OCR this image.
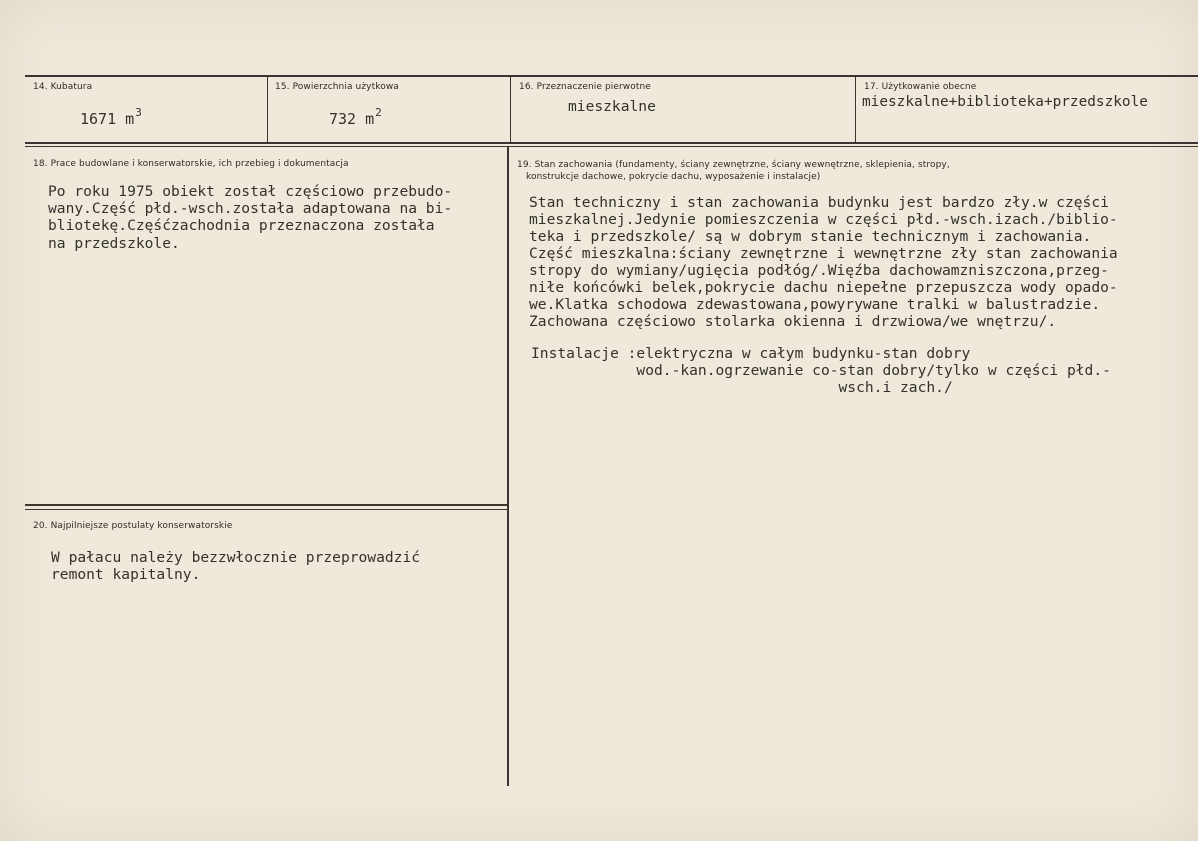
14. Kubatura
1671 $m^3$
15. Powierzchnia użytkowa
732 $m^2$
16. Przeznaczenie pierwotne
mieszkalne
17. Użytkowanie obecne
mieszkalne+biblioteka+przedszkole
18. Prace budowlane i konserwatorskie, ich przebieg i dokumentacja
Po roku 1975 obiekt został częściowo przebudo-
wany.Część płd.-wsch.została adaptowana na bi-
bliotekę.Częśćzachodnia przeznaczona została
na przedszkole.
19. Stan zachowania (fundamenty, ściany zewnętrzne, ściany wewnętrzne, sklepienia, stropy,
konstrukcje dachowe, pokrycie dachu, wyposażenie i instalacje)
Stan techniczny i stan zachowania budynku jest bardzo zły.w części
mieszkalnej.Jedynie pomieszczenia w części płd.-wsch.izach./biblio-
teka i przedszkole/ są w dobrym stanie technicznym i zachowania.
Część mieszkalna:ściany zewnętrzne i wewnętrzne zły stan zachowania
stropy do wymiany/ugięcia podłóg/.Więźba dachowamzniszczona,przeg-
niłe końcówki belek,pokrycie dachu niepełne przepuszcza wody opado-
we.Klatka schodowa zdewastowana,powyrywane tralki w balustradzie.
Zachowana częściowo stolarka okienna i drzwiowa/we wnętrzu/.
Instalacje :elektryczna w całym budynku-stan dobry
wod.-kan.ogrzewanie co-stan dobry/tylko w części płd.-
wsch.i zach./
20. Najpilniejsze postulaty konserwatorskie
W pałacu należy bezzwłocznie przeprowadzić
remont kapitalny.
